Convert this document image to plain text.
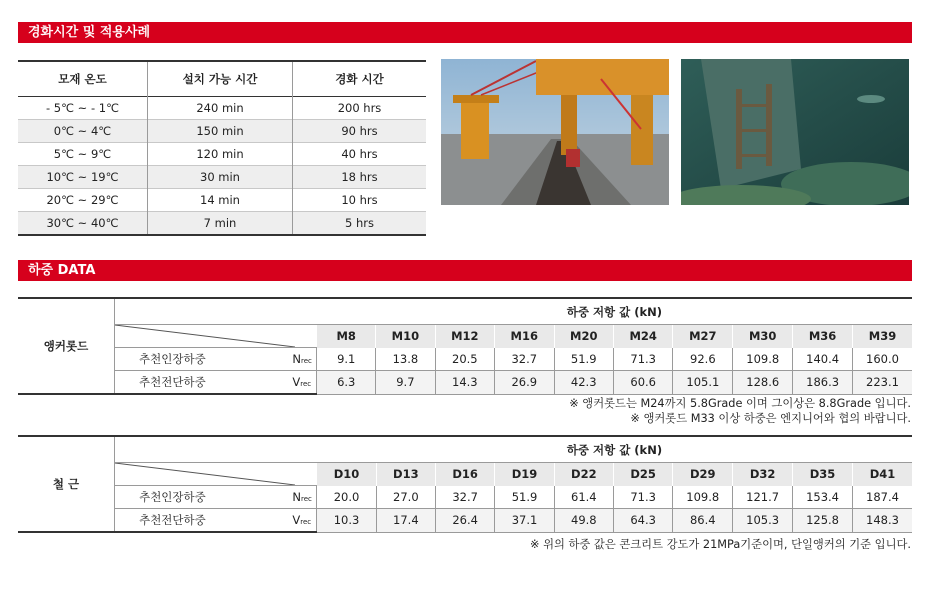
경화시간 및 적용사례
모재 온도	설치 가능 시간	경화 시간
- 5℃ ~ - 1℃	240 min	200 hrs
0℃ ~ 4℃	150 min	90 hrs
5℃ ~ 9℃	120 min	40 hrs
10℃ ~ 19℃	30 min	18 hrs
20℃ ~ 29℃	14 min	10 hrs
30℃ ~ 40℃	7 min	5 hrs
하중 DATA
앵커롯드			하중 저항 값 (kN)									

	M8	M10	M12	M16	M20	M24	M27	M30	M36	M39
	추천인장하중	Nrec	9.1	13.8	20.5	32.7	51.9	71.3	92.6	109.8	140.4	160.0
	추천전단하중	Vrec	6.3	9.7	14.3	26.9	42.3	60.6	105.1	128.6	186.3	223.1
※ 앵커롯드는 M24까지 5.8Grade 이며 그이상은 8.8Grade 입니다.
※ 앵커롯드 M33 이상 하중은 엔지니어와 협의 바랍니다.
철 근			하중 저항 값 (kN)									

	D10	D13	D16	D19	D22	D25	D29	D32	D35	D41
	추천인장하중	Nrec	20.0	27.0	32.7	51.9	61.4	71.3	109.8	121.7	153.4	187.4
	추천전단하중	Vrec	10.3	17.4	26.4	37.1	49.8	64.3	86.4	105.3	125.8	148.3
※ 위의 하중 값은 콘크리트 강도가 21MPa기준이며, 단일앵커의 기준 입니다.
